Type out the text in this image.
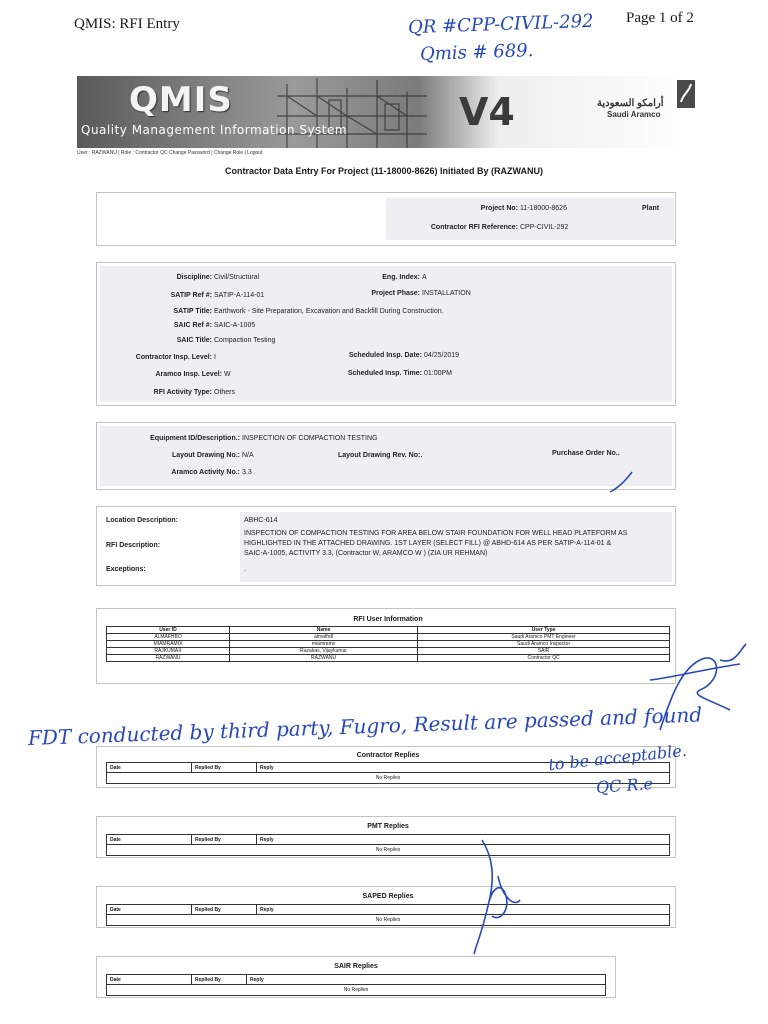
QMIS: RFI Entry	Page 1 of 2
QR #CPP-CIVIL-292
Qmis # 689.
QMIS
Quality Management Information System	V4	أرامكو السعودية
Saudi Aramco
User : RAZWANU | Role : Contractor QC Change Password | Change Role | Logout
Contractor Data Entry For Project (11-18000-8626) Initiated By (RAZWANU)
Project No: 11-18000-8626	Plant
Contractor RFI Reference: CPP-CIVIL-292
Discipline: Civil/Structural	Eng. Index: A
SATIP Ref #: SATIP-A-114-01	Project Phase: INSTALLATION
SATIP Title: Earthwork - Site Preparation, Excavation and Backfill During Construction.
SAIC Ref #: SAIC-A-1005
SAIC Title: Compaction Testing
Contractor Insp. Level: I	Scheduled Insp. Date: 04/25/2019
Aramco Insp. Level: W	Scheduled Insp. Time: 01:00PM
RFI Activity Type: Others
Equipment ID/Description.: INSPECTION OF COMPACTION TESTING
Layout Drawing No.: N/A	Layout Drawing Rev. No:.	Purchase Order No..
Aramco Activity No.: 3.3
Location Description:	ABHC-614
RFI Description:
INSPECTION OF COMPACTION TESTING FOR AREA BELOW STAIR FOUNDATION FOR WELL HEAD PLATEFORM AS
HIGHLIGHTED IN THE ATTACHED DRAWING. 1ST LAYER (SELECT FILL) @ ABHD-614 AS PER SATIP-A-114-01 &
SAIC-A-1005, ACTIVITY 3.3, (Contractor W, ARAMCO W ) (ZIA UR REHMAN)
Exceptions:	.
RFI User Information
User ID	Name	User Type
ALMAFHBO	almafhdl	Saudi Aramco PMT Engineer
MIAMRAMIX	miamramx	Saudi Aramco Inspector
RAJKUMAX	Razakas, Vijaykumar	SAIR
RAZWANU	RAZWANU	Contractor QC
Contractor Replies
Date	Replied By	Reply
No Replies
PMT Replies
Date	Replied By	Reply
No Replies
SAPED Replies
Date	Replied By	Reply
No Replies
SAIR Replies
Date	Replied By	Reply
No Replies
FDT conducted by third party, Fugro, Result are passed and found
to be acceptable.
QC R.e
